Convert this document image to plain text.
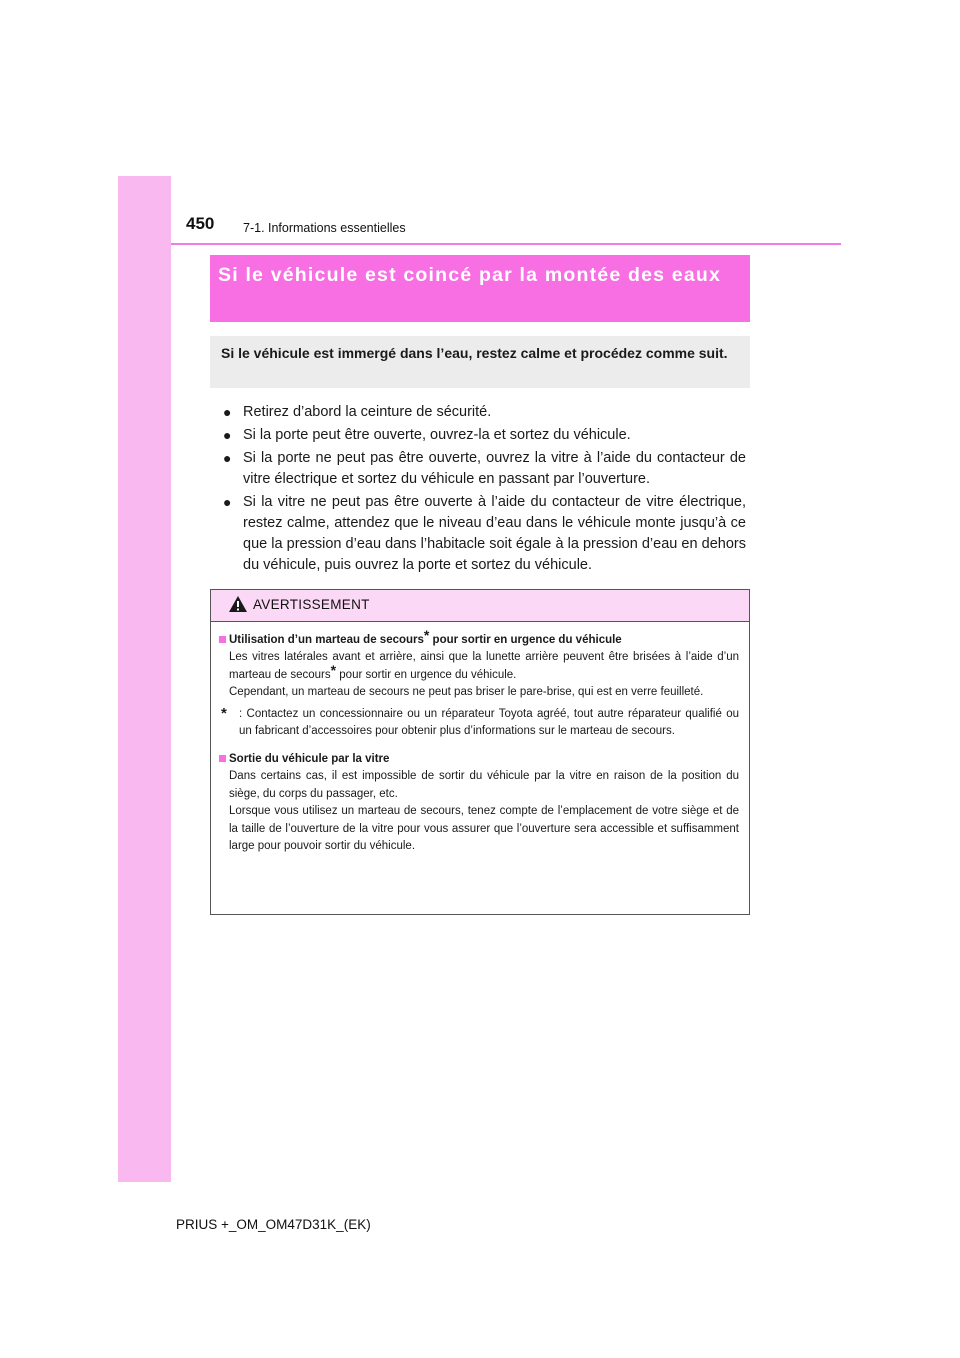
450 7-1. Informations essentielles
Si le véhicule est coincé par la montée des eaux
Si le véhicule est immergé dans l’eau, restez calme et procédez comme suit.
● Retirez d’abord la ceinture de sécurité.
● Si la porte peut être ouverte, ouvrez-la et sortez du véhicule.
● Si la porte ne peut pas être ouverte, ouvrez la vitre à l’aide du contacteur de vitre électrique et sortez du véhicule en passant par l’ouverture.
● Si la vitre ne peut pas être ouverte à l’aide du contacteur de vitre électrique, restez calme, attendez que le niveau d’eau dans le véhicule monte jusqu’à ce que la pression d’eau dans l’habitacle soit égale à la pression d’eau en dehors du véhicule, puis ouvrez la porte et sortez du véhicule.
AVERTISSEMENT
Utilisation d’un marteau de secours* pour sortir en urgence du véhicule

Les vitres latérales avant et arrière, ainsi que la lunette arrière peuvent être brisées à l’aide d’un marteau de secours* pour sortir en urgence du véhicule.
Cependant, un marteau de secours ne peut pas briser le pare-brise, qui est en verre feuilleté.

* : Contactez un concessionnaire ou un réparateur Toyota agréé, tout autre réparateur qualifié ou un fabricant d’accessoires pour obtenir plus d’informations sur le marteau de secours.
Sortie du véhicule par la vitre

Dans certains cas, il est impossible de sortir du véhicule par la vitre en raison de la position du siège, du corps du passager, etc.
Lorsque vous utilisez un marteau de secours, tenez compte de l’emplacement de votre siège et de la taille de l’ouverture de la vitre pour vous assurer que l’ouverture sera accessible et suffisamment large pour pouvoir sortir du véhicule.

PRIUS +_OM_OM47D31K_(EK)
